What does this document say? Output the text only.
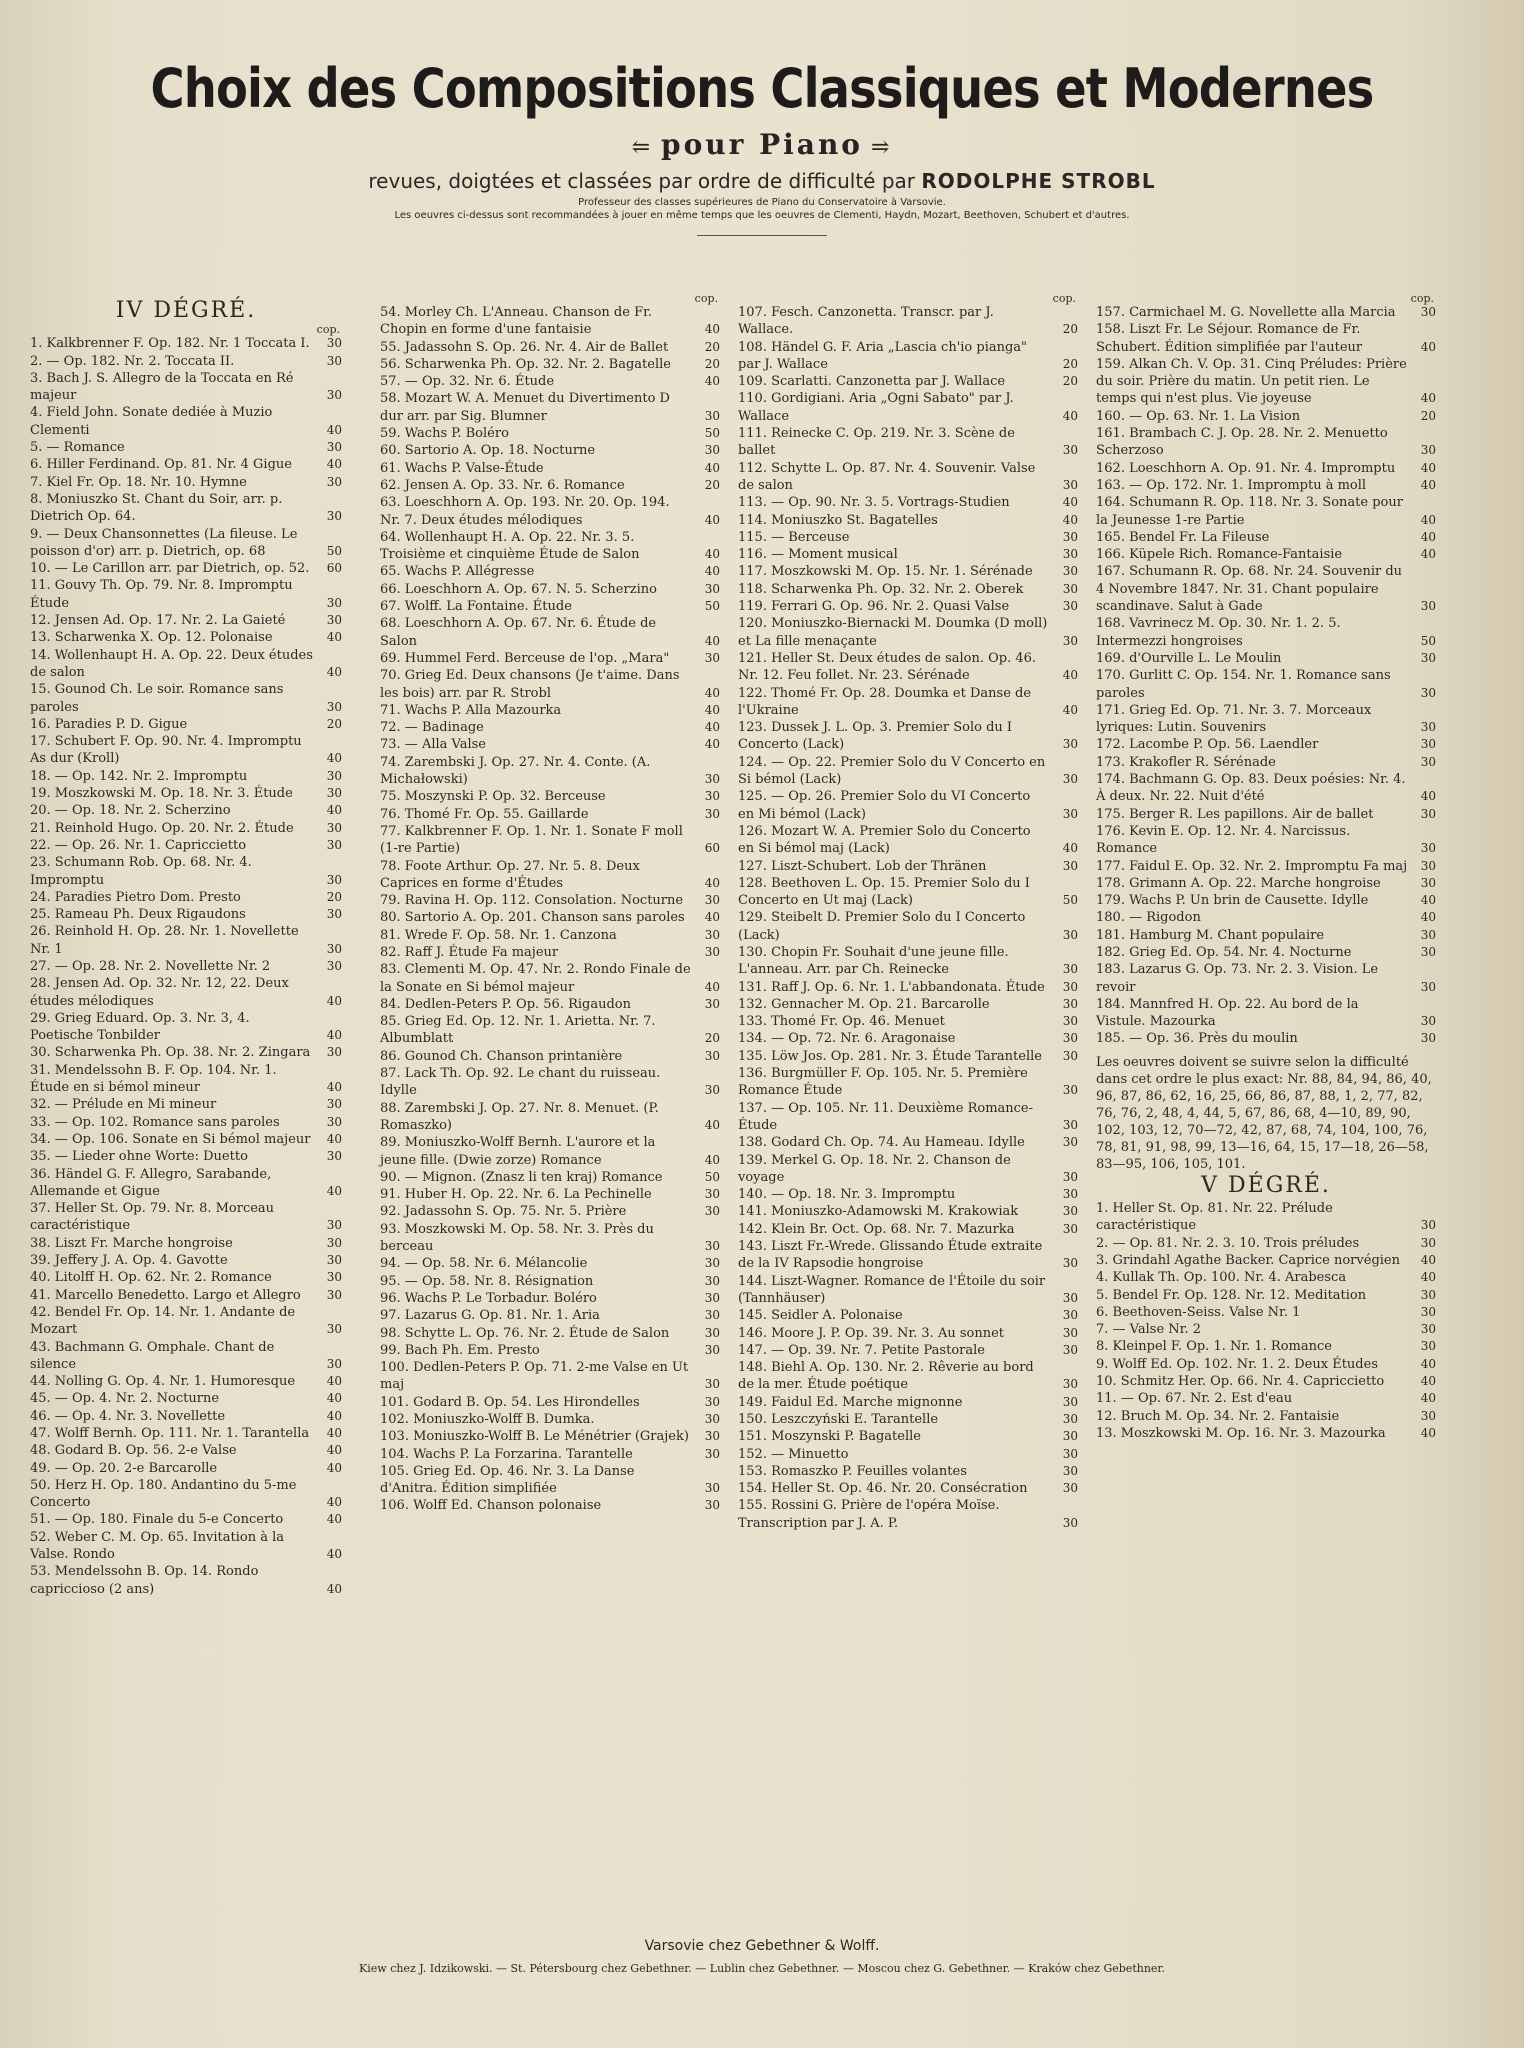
Choix des Compositions Classiques et Modernes
⥢ pour Piano ⥤
revues, doigtées et classées par ordre de difficulté par RODOLPHE STROBL
Professeur des classes supérieures de Piano du Conservatoire à Varsovie.
Les oeuvres ci-dessus sont recommandées à jouer en même temps que les oeuvres de Clementi, Haydn, Mozart, Beethoven, Schubert et d'autres.
IV DÉGRÉ.
cop.
1. Kalkbrenner F. Op. 182. Nr. 1 Toccata I.	30
2. — Op. 182. Nr. 2. Toccata II.	30
3. Bach J. S. Allegro de la Toccata en Ré majeur	30
4. Field John. Sonate dediée à Muzio Clementi	40
5. — Romance	30
6. Hiller Ferdinand. Op. 81. Nr. 4 Gigue	40
7. Kiel Fr. Op. 18. Nr. 10. Hymne	30
8. Moniuszko St. Chant du Soir, arr. p. Dietrich Op. 64.	30
9. — Deux Chansonnettes (La fileuse. Le poisson d'or) arr. p. Dietrich, op. 68	50
10. — Le Carillon arr. par Dietrich, op. 52.	60
11. Gouvy Th. Op. 79. Nr. 8. Impromptu Étude	30
12. Jensen Ad. Op. 17. Nr. 2. La Gaieté	30
13. Scharwenka X. Op. 12. Polonaise	40
14. Wollenhaupt H. A. Op. 22. Deux études de salon	40
15. Gounod Ch. Le soir. Romance sans paroles	30
16. Paradies P. D. Gigue	20
17. Schubert F. Op. 90. Nr. 4. Impromptu As dur (Kroll)	40
18. — Op. 142. Nr. 2. Impromptu	30
19. Moszkowski M. Op. 18. Nr. 3. Étude	30
20. — Op. 18. Nr. 2. Scherzino	40
21. Reinhold Hugo. Op. 20. Nr. 2. Étude	30
22. — Op. 26. Nr. 1. Capriccietto	30
23. Schumann Rob. Op. 68. Nr. 4. Impromptu	30
24. Paradies Pietro Dom. Presto	20
25. Rameau Ph. Deux Rigaudons	30
26. Reinhold H. Op. 28. Nr. 1. Novellette Nr. 1	30
27. — Op. 28. Nr. 2. Novellette Nr. 2	30
28. Jensen Ad. Op. 32. Nr. 12, 22. Deux études mélodiques	40
29. Grieg Eduard. Op. 3. Nr. 3, 4. Poetische Tonbilder	40
30. Scharwenka Ph. Op. 38. Nr. 2. Zingara	30
31. Mendelssohn B. F. Op. 104. Nr. 1. Étude en si bémol mineur	40
32. — Prélude en Mi mineur	30
33. — Op. 102. Romance sans paroles	30
34. — Op. 106. Sonate en Si bémol majeur	40
35. — Lieder ohne Worte: Duetto	30
36. Händel G. F. Allegro, Sarabande, Allemande et Gigue	40
37. Heller St. Op. 79. Nr. 8. Morceau caractéristique	30
38. Liszt Fr. Marche hongroise	30
39. Jeffery J. A. Op. 4. Gavotte	30
40. Litolff H. Op. 62. Nr. 2. Romance	30
41. Marcello Benedetto. Largo et Allegro	30
42. Bendel Fr. Op. 14. Nr. 1. Andante de Mozart	30
43. Bachmann G. Omphale. Chant de silence	30
44. Nolling G. Op. 4. Nr. 1. Humoresque	40
45. — Op. 4. Nr. 2. Nocturne	40
46. — Op. 4. Nr. 3. Novellette	40
47. Wolff Bernh. Op. 111. Nr. 1. Tarantella	40
48. Godard B. Op. 56. 2-e Valse	40
49. — Op. 20. 2-e Barcarolle	40
50. Herz H. Op. 180. Andantino du 5-me Concerto	40
51. — Op. 180. Finale du 5-e Concerto	40
52. Weber C. M. Op. 65. Invitation à la Valse. Rondo	40
53. Mendelssohn B. Op. 14. Rondo capriccioso (2 ans)	40
cop.
54. Morley Ch. L'Anneau. Chanson de Fr. Chopin en forme d'une fantaisie	40
55. Jadassohn S. Op. 26. Nr. 4. Air de Ballet	20
56. Scharwenka Ph. Op. 32. Nr. 2. Bagatelle	20
57. — Op. 32. Nr. 6. Étude	40
58. Mozart W. A. Menuet du Divertimento D dur arr. par Sig. Blumner	30
59. Wachs P. Boléro	50
60. Sartorio A. Op. 18. Nocturne	30
61. Wachs P. Valse-Étude	40
62. Jensen A. Op. 33. Nr. 6. Romance	20
63. Loeschhorn A. Op. 193. Nr. 20. Op. 194. Nr. 7. Deux études mélodiques	40
64. Wollenhaupt H. A. Op. 22. Nr. 3. 5. Troisième et cinquième Étude de Salon	40
65. Wachs P. Allégresse	40
66. Loeschhorn A. Op. 67. N. 5. Scherzino	30
67. Wolff. La Fontaine. Étude	50
68. Loeschhorn A. Op. 67. Nr. 6. Étude de Salon	40
69. Hummel Ferd. Berceuse de l'op. „Mara"	30
70. Grieg Ed. Deux chansons (Je t'aime. Dans les bois) arr. par R. Strobl	40
71. Wachs P. Alla Mazourka	40
72. — Badinage	40
73. — Alla Valse	40
74. Zarembski J. Op. 27. Nr. 4. Conte. (A. Michałowski)	30
75. Moszynski P. Op. 32. Berceuse	30
76. Thomé Fr. Op. 55. Gaillarde	30
77. Kalkbrenner F. Op. 1. Nr. 1. Sonate F moll (1-re Partie)	60
78. Foote Arthur. Op. 27. Nr. 5. 8. Deux Caprices en forme d'Études	40
79. Ravina H. Op. 112. Consolation. Nocturne	30
80. Sartorio A. Op. 201. Chanson sans paroles	40
81. Wrede F. Op. 58. Nr. 1. Canzona	30
82. Raff J. Étude Fa majeur	30
83. Clementi M. Op. 47. Nr. 2. Rondo Finale de la Sonate en Si bémol majeur	40
84. Dedlen-Peters P. Op. 56. Rigaudon	30
85. Grieg Ed. Op. 12. Nr. 1. Arietta. Nr. 7. Albumblatt	20
86. Gounod Ch. Chanson printanière	30
87. Lack Th. Op. 92. Le chant du ruisseau. Idylle	30
88. Zarembski J. Op. 27. Nr. 8. Menuet. (P. Romaszko)	40
89. Moniuszko-Wolff Bernh. L'aurore et la jeune fille. (Dwie zorze) Romance	40
90. — Mignon. (Znasz li ten kraj) Romance	50
91. Huber H. Op. 22. Nr. 6. La Pechinelle	30
92. Jadassohn S. Op. 75. Nr. 5. Prière	30
93. Moszkowski M. Op. 58. Nr. 3. Près du berceau	30
94. — Op. 58. Nr. 6. Mélancolie	30
95. — Op. 58. Nr. 8. Résignation	30
96. Wachs P. Le Torbadur. Boléro	30
97. Lazarus G. Op. 81. Nr. 1. Aria	30
98. Schytte L. Op. 76. Nr. 2. Étude de Salon	30
99. Bach Ph. Em. Presto	30
100. Dedlen-Peters P. Op. 71. 2-me Valse en Ut maj	30
101. Godard B. Op. 54. Les Hirondelles	30
102. Moniuszko-Wolff B. Dumka.	30
103. Moniuszko-Wolff B. Le Ménétrier (Grajek)	30
104. Wachs P. La Forzarina. Tarantelle	30
105. Grieg Ed. Op. 46. Nr. 3. La Danse d'Anitra. Édition simplifiée	30
106. Wolff Ed. Chanson polonaise	30
cop.
107. Fesch. Canzonetta. Transcr. par J. Wallace.	20
108. Händel G. F. Aria „Lascia ch'io pianga" par J. Wallace	20
109. Scarlatti. Canzonetta par J. Wallace	20
110. Gordigiani. Aria „Ogni Sabato" par J. Wallace	40
111. Reinecke C. Op. 219. Nr. 3. Scène de ballet	30
112. Schytte L. Op. 87. Nr. 4. Souvenir. Valse de salon	30
113. — Op. 90. Nr. 3. 5. Vortrags-Studien	40
114. Moniuszko St. Bagatelles	40
115. — Berceuse	30
116. — Moment musical	30
117. Moszkowski M. Op. 15. Nr. 1. Sérénade	30
118. Scharwenka Ph. Op. 32. Nr. 2. Oberek	30
119. Ferrari G. Op. 96. Nr. 2. Quasi Valse	30
120. Moniuszko-Biernacki M. Doumka (D moll) et La fille menaçante	30
121. Heller St. Deux études de salon. Op. 46. Nr. 12. Feu follet. Nr. 23. Sérénade	40
122. Thomé Fr. Op. 28. Doumka et Danse de l'Ukraine	40
123. Dussek J. L. Op. 3. Premier Solo du I Concerto (Lack)	30
124. — Op. 22. Premier Solo du V Concerto en Si bémol (Lack)	30
125. — Op. 26. Premier Solo du VI Concerto en Mi bémol (Lack)	30
126. Mozart W. A. Premier Solo du Concerto en Si bémol maj (Lack)	40
127. Liszt-Schubert. Lob der Thränen	30
128. Beethoven L. Op. 15. Premier Solo du I Concerto en Ut maj (Lack)	50
129. Steibelt D. Premier Solo du I Concerto (Lack)	30
130. Chopin Fr. Souhait d'une jeune fille. L'anneau. Arr. par Ch. Reinecke	30
131. Raff J. Op. 6. Nr. 1. L'abbandonata. Étude	30
132. Gennacher M. Op. 21. Barcarolle	30
133. Thomé Fr. Op. 46. Menuet	30
134. — Op. 72. Nr. 6. Aragonaise	30
135. Löw Jos. Op. 281. Nr. 3. Étude Tarantelle	30
136. Burgmüller F. Op. 105. Nr. 5. Première Romance Étude	30
137. — Op. 105. Nr. 11. Deuxième Romance-Étude	30
138. Godard Ch. Op. 74. Au Hameau. Idylle	30
139. Merkel G. Op. 18. Nr. 2. Chanson de voyage	30
140. — Op. 18. Nr. 3. Impromptu	30
141. Moniuszko-Adamowski M. Krakowiak	30
142. Klein Br. Oct. Op. 68. Nr. 7. Mazurka	30
143. Liszt Fr.-Wrede. Glissando Étude extraite de la IV Rapsodie hongroise	30
144. Liszt-Wagner. Romance de l'Étoile du soir (Tannhäuser)	30
145. Seidler A. Polonaise	30
146. Moore J. P. Op. 39. Nr. 3. Au sonnet	30
147. — Op. 39. Nr. 7. Petite Pastorale	30
148. Biehl A. Op. 130. Nr. 2. Rêverie au bord de la mer. Étude poétique	30
149. Faidul Ed. Marche mignonne	30
150. Leszczyński E. Tarantelle	30
151. Moszynski P. Bagatelle	30
152. — Minuetto	30
153. Romaszko P. Feuilles volantes	30
154. Heller St. Op. 46. Nr. 20. Consécration	30
155. Rossini G. Prière de l'opéra Moïse. Transcription par J. A. P.	30
cop.
157. Carmichael M. G. Novellette alla Marcia	30
158. Liszt Fr. Le Séjour. Romance de Fr. Schubert. Édition simplifiée par l'auteur	40
159. Alkan Ch. V. Op. 31. Cinq Préludes: Prière du soir. Prière du matin. Un petit rien. Le temps qui n'est plus. Vie joyeuse	40
160. — Op. 63. Nr. 1. La Vision	20
161. Brambach C. J. Op. 28. Nr. 2. Menuetto Scherzoso	30
162. Loeschhorn A. Op. 91. Nr. 4. Impromptu	40
163. — Op. 172. Nr. 1. Impromptu à moll	40
164. Schumann R. Op. 118. Nr. 3. Sonate pour la Jeunesse 1-re Partie	40
165. Bendel Fr. La Fileuse	40
166. Küpele Rich. Romance-Fantaisie	40
167. Schumann R. Op. 68. Nr. 24. Souvenir du 4 Novembre 1847. Nr. 31. Chant populaire scandinave. Salut à Gade	30
168. Vavrinecz M. Op. 30. Nr. 1. 2. 5. Intermezzi hongroises	50
169. d'Ourville L. Le Moulin	30
170. Gurlitt C. Op. 154. Nr. 1. Romance sans paroles	30
171. Grieg Ed. Op. 71. Nr. 3. 7. Morceaux lyriques: Lutin. Souvenirs	30
172. Lacombe P. Op. 56. Laendler	30
173. Krakofler R. Sérénade	30
174. Bachmann G. Op. 83. Deux poésies: Nr. 4. À deux. Nr. 22. Nuit d'été	40
175. Berger R. Les papillons. Air de ballet	30
176. Kevin E. Op. 12. Nr. 4. Narcissus. Romance	30
177. Faidul E. Op. 32. Nr. 2. Impromptu Fa maj	30
178. Grimann A. Op. 22. Marche hongroise	30
179. Wachs P. Un brin de Causette. Idylle	40
180. — Rigodon	40
181. Hamburg M. Chant populaire	30
182. Grieg Ed. Op. 54. Nr. 4. Nocturne	30
183. Lazarus G. Op. 73. Nr. 2. 3. Vision. Le revoir	30
184. Mannfred H. Op. 22. Au bord de la Vistule. Mazourka	30
185. — Op. 36. Près du moulin	30
Les oeuvres doivent se suivre selon la difficulté dans cet ordre le plus exact: Nr. 88, 84, 94, 86, 40, 96, 87, 86, 62, 16, 25, 66, 86, 87, 88, 1, 2, 77, 82, 76, 76, 2, 48, 4, 44, 5, 67, 86, 68, 4—10, 89, 90, 102, 103, 12, 70—72, 42, 87, 68, 74, 104, 100, 76, 78, 81, 91, 98, 99, 13—16, 64, 15, 17—18, 26—58, 83—95, 106, 105, 101.
V DÉGRÉ.
1. Heller St. Op. 81. Nr. 22. Prélude caractéristique	30
2. — Op. 81. Nr. 2. 3. 10. Trois préludes	30
3. Grindahl Agathe Backer. Caprice norvégien	40
4. Kullak Th. Op. 100. Nr. 4. Arabesca	40
5. Bendel Fr. Op. 128. Nr. 12. Meditation	30
6. Beethoven-Seiss. Valse Nr. 1	30
7. — Valse Nr. 2	30
8. Kleinpel F. Op. 1. Nr. 1. Romance	30
9. Wolff Ed. Op. 102. Nr. 1. 2. Deux Études	40
10. Schmitz Her. Op. 66. Nr. 4. Capriccietto	40
11. — Op. 67. Nr. 2. Est d'eau	40
12. Bruch M. Op. 34. Nr. 2. Fantaisie	30
13. Moszkowski M. Op. 16. Nr. 3. Mazourka	40
Varsovie chez Gebethner & Wolff.
Kiew chez J. Idzikowski. — St. Pétersbourg chez Gebethner. — Lublin chez Gebethner. — Moscou chez G. Gebethner. — Kraków chez Gebethner.
